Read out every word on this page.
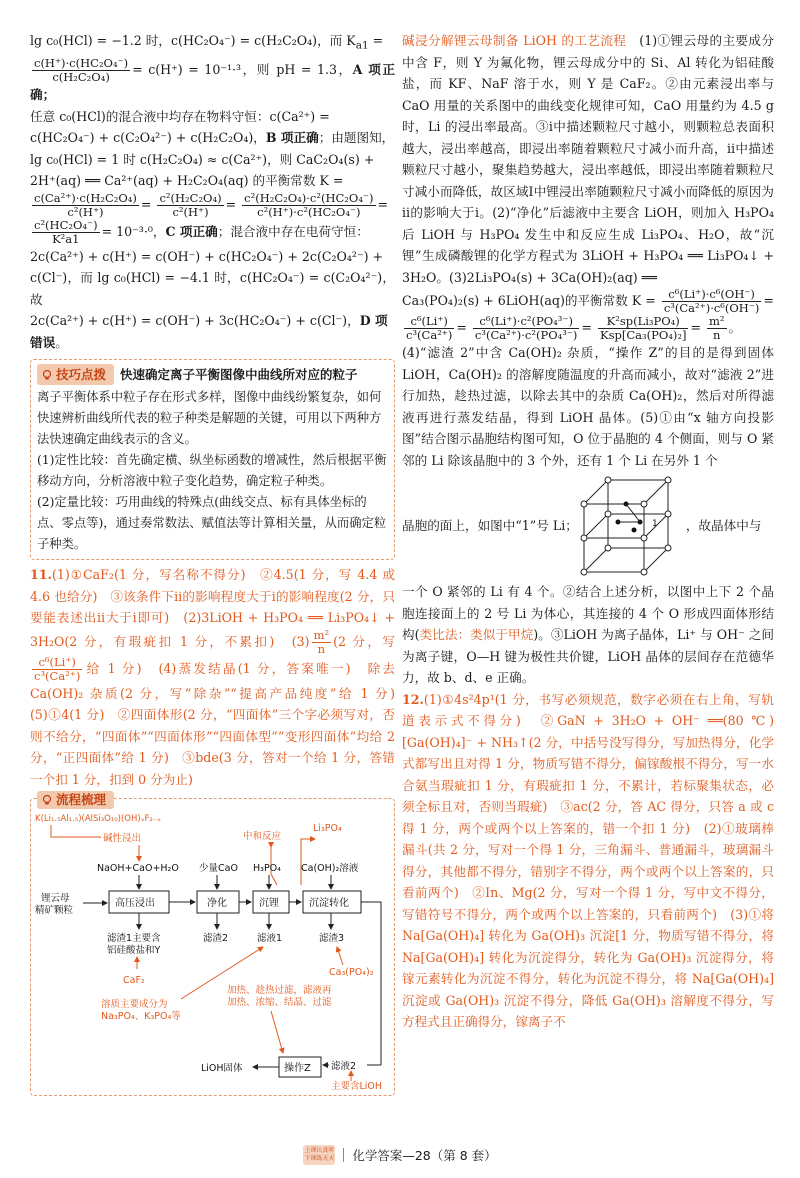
lg c₀(HCl) = −1.2 时，c(HC₂O₄⁻) = c(H₂C₂O₄)，而 $K_{a1}$ =

$\frac{\text{c(H⁺)·c(HC₂O₄⁻)}}{\text{c(H₂C₂O₄)}} = c(H^+) = 10^{-1}\cdot^3$，则 pH = 1.3，A 项正确；
任意 c₀(HCl)的混合液中均存在物料守恒：c(Ca²⁺) =
c(HC₂O₄⁻) + c(C₂O₄²⁻) + c(H₂C₂O₄)，B 项正确；由题图知，
lg c₀(HCl) = 1 时 c(H₂C₂O₄) ≈ c(Ca²⁺)，则 CaC₂O₄(s) +
2H⁺(aq) ══ Ca²⁺(aq) + H₂C₂O₄(aq) 的平衡常数 K =

$\frac{\text{c(Ca²⁺)·c(H₂C₂O₄)}}{\text{c²(H⁺)}} = \frac{\text{c²(H₂C₂O₄)}}{\text{c²(H⁺)}} = \frac{\text{c²(H₂C₂O₄)·c²(HC₂O₄⁻)}}{\text{c²(H⁺)·c²(HC₂O₄⁻)}}$ =

$\frac{\text{c²(HC₂O₄⁻)}}{\text{K²a1}} = 10^{-3}\cdot^0$，C 项正确；混合液中存在电荷守恒：
2c(Ca²⁺) + c(H⁺) = c(OH⁻) + c(HC₂O₄⁻) + 2c(C₂O₄²⁻) +
c(Cl⁻)，而 lg c₀(HCl) = −4.1 时，c(HC₂O₄⁻) = c(C₂O₄²⁻)，故
2c(Ca²⁺) + c(H⁺) = c(OH⁻) + 3c(HC₂O₄⁻) + c(Cl⁻)，D 项
错误。

技巧点拨 快速确定离子平衡图像中曲线所对应的粒子
离子平衡体系中粒子存在形式多样，图像中曲线纷繁复杂，如何快速辨析曲线所代表的粒子种类是解题的关键，可用以下两种方法快速确定曲线表示的含义。
(1)定性比较：首先确定横、纵坐标函数的增减性，然后根据平衡移动方向，分析溶液中粒子变化趋势，确定粒子种类。
(2)定量比较：巧用曲线的特殊点(曲线交点、标有具体坐标的点、零点等)，通过奏常数法、赋值法等计算相关量，从而确定粒子种类。

11.(1)①CaF₂(1 分，写名称不得分)　②4.5(1 分，写 4.4 或 4.6 也给分)　③该条件下ⅱ的影响程度大于ⅰ的影响程度(2 分，只要能表述出ⅱ大于ⅰ即可)　(2)3LiOH + H₃PO₄ ══ Li₃PO₄↓ + 3H₂O(2 分，有瑕疵扣 1 分，不累扣)　$(3) \frac{\text{m²}}{n} (2$ 分，写
$\frac{\text{c⁶(Li⁺)}}{\text{c³(Ca²⁺)}}$ 给 1 分)　(4)蒸发结晶(1 分，答案唯一)　除去 Ca(OH)₂ 杂质(2 分，写“除杂”“提高产品纯度”给 1 分)　(5)①4(1 分)　②四面体形(2 分，“四面体”三个字必须写对，否则不给分，“四面体”“四面体形”“四面体型”“变形四面体”均给 2 分，“正四面体”给 1 分)　③bde(3 分，答对一个给 1 分，答错一个扣 1 分，扣到 0 分为止)

流程梳理
K(Li₁.₅Al₁.₅)(AlSi₃O₁₀)(OH)ₓF₂₋ₓ
碱性浸出	中和反应
Li₃PO₄
NaOH+CaO+H₂O 少量CaO H₃PO₄ Ca(OH)₂溶液
锂云母
精矿颗粒
高压浸出	净化	沉锂	沉淀转化
滤渣1主要含
铝硅酸盐和Y
滤渣2	滤液1	滤渣3
CaF₂
溶质主要成分为
Na₃PO₄、K₃PO₄等
Ca₃(PO₄)₂
加热、趁热过滤，滤液再
加热、浓缩、结晶、过滤
操作Z 滤液2
LiOH固体
主要含LiOH

碱浸分解锂云母制备 LiOH 的工艺流程　(1)①锂云母的主要成分中含 F，则 Y 为氟化物，锂云母成分中的 Si、Al 转化为铝硅酸盐，而 KF、NaF 溶于水，则 Y 是 CaF₂。②由元素浸出率与 CaO 用量的关系图中的曲线变化规律可知，CaO 用量约为 4.5 g 时，Li 的浸出率最高。③ⅰ中描述颗粒尺寸越小，则颗粒总表面积越大，浸出率越高，即浸出率随着颗粒尺寸减小而升高，ⅱ中描述颗粒尺寸越小，聚集趋势越大，浸出率越低，即浸出率随着颗粒尺寸减小而降低，故区域Ⅰ中锂浸出率随颗粒尺寸减小而降低的原因为ⅱ的影响大于ⅰ。(2)“净化”后滤液中主要含 LiOH，则加入 H₃PO₄ 后 LiOH 与 H₃PO₄ 发生中和反应生成 Li₃PO₄、H₂O，故“沉锂”生成磷酸锂的化学方程式为 3LiOH + H₃PO₄ ══ Li₃PO₄↓ + 3H₂O。(3)2Li₃PO₄(s) + 3Ca(OH)₂(aq) ══
Ca₃(PO₄)₂(s) + 6LiOH(aq)的平衡常数 $K = \frac{\text{c⁶(Li⁺)·c⁶(OH⁻)}}{\text{c³(Ca²⁺)·c⁶(OH⁻)}}$ =

$\frac{\text{c⁶(Li⁺)}}{\text{c³(Ca²⁺)}} = \frac{\text{c⁶(Li⁺)·c²(PO₄³⁻)}}{\text{c³(Ca²⁺)·c²(PO₄³⁻)}} = \frac{\text{K²sp(Li₃PO₄)}}{\text{Ksp[Ca₃(PO₄)₂]}} = \frac{\text{m²}}{n}$ 。
(4)“滤渣 2”中含 Ca(OH)₂ 杂质，“操作 Z”的目的是得到固体 LiOH，Ca(OH)₂ 的溶解度随温度的升高而减小，故对“滤液 2”进行加热，趁热过滤，以除去其中的杂质 Ca(OH)₂，然后对所得滤液再进行蒸发结晶，得到 LiOH 晶体。(5)①由“x 轴方向投影图”结合图示晶胞结构图可知，O 位于晶胞的 4 个侧面，则与 O 紧邻的 Li 除该晶胞中的 3 个外，还有 1 个 Li 在另外 1 个

晶胞的面上，如图中“1”号 Li；	1 ，故晶体中与

一个 O 紧邻的 Li 有 4 个。②结合上述分析，以图中上下 2 个晶胞连接面上的 2 号 Li 为体心，其连接的 4 个 O 形成四面体形结构(类比法：类似于甲烷)。③LiOH 为离子晶体，Li⁺ 与 OH⁻ 之间为离子键，O—H 键为极性共价键，LiOH 晶体的层间存在范德华力，故 b、d、e 正确。

12.(1)①4s²4p¹(1 分，书写必须规范，数字必须在右上角，写轨道表示式不得分)　②GaN + 3H₂O + OH⁻ ══(80 ℃) [Ga(OH)₄]⁻ + NH₃↑(2 分，中括号没写得分，写加热得分，化学式都写出且对得 1 分，物质写错不得分，偏镓酸根不得分，写一水合氨当瑕疵扣 1 分，有瑕疵扣 1 分，不累计，若标聚集状态，必须全标且对，否则当瑕疵)　③ac(2 分，答 AC 得分，只答 a 或 c 得 1 分，两个或两个以上答案的，错一个扣 1 分)　(2)①玻璃棒　漏斗(共 2 分，写对一个得 1 分，三角漏斗、普通漏斗，玻璃漏斗得分，其他都不得分，错别字不得分，两个或两个以上答案的，只看前两个)　②In、Mg(2 分，写对一个得 1 分，写中文不得分，写错符号不得分，两个或两个以上答案的，只看前两个)　(3)①将 Na[Ga(OH)₄] 转化为 Ga(OH)₃ 沉淀[1 分，物质写错不得分，将 Na[Ga(OH)₄] 转化为沉淀得分，转化为 Ga(OH)₃ 沉淀得分，将镓元素转化为沉淀不得分，转化为沉淀不得分，将 Na[Ga(OH)₄] 沉淀或 Ga(OH)₃ 沉淀不得分，降低 Ga(OH)₃ 溶解度不得分，写方程式且正确得分，镓离子不

上课认真听 下课练天天 化学答案—28（第 8 套）
